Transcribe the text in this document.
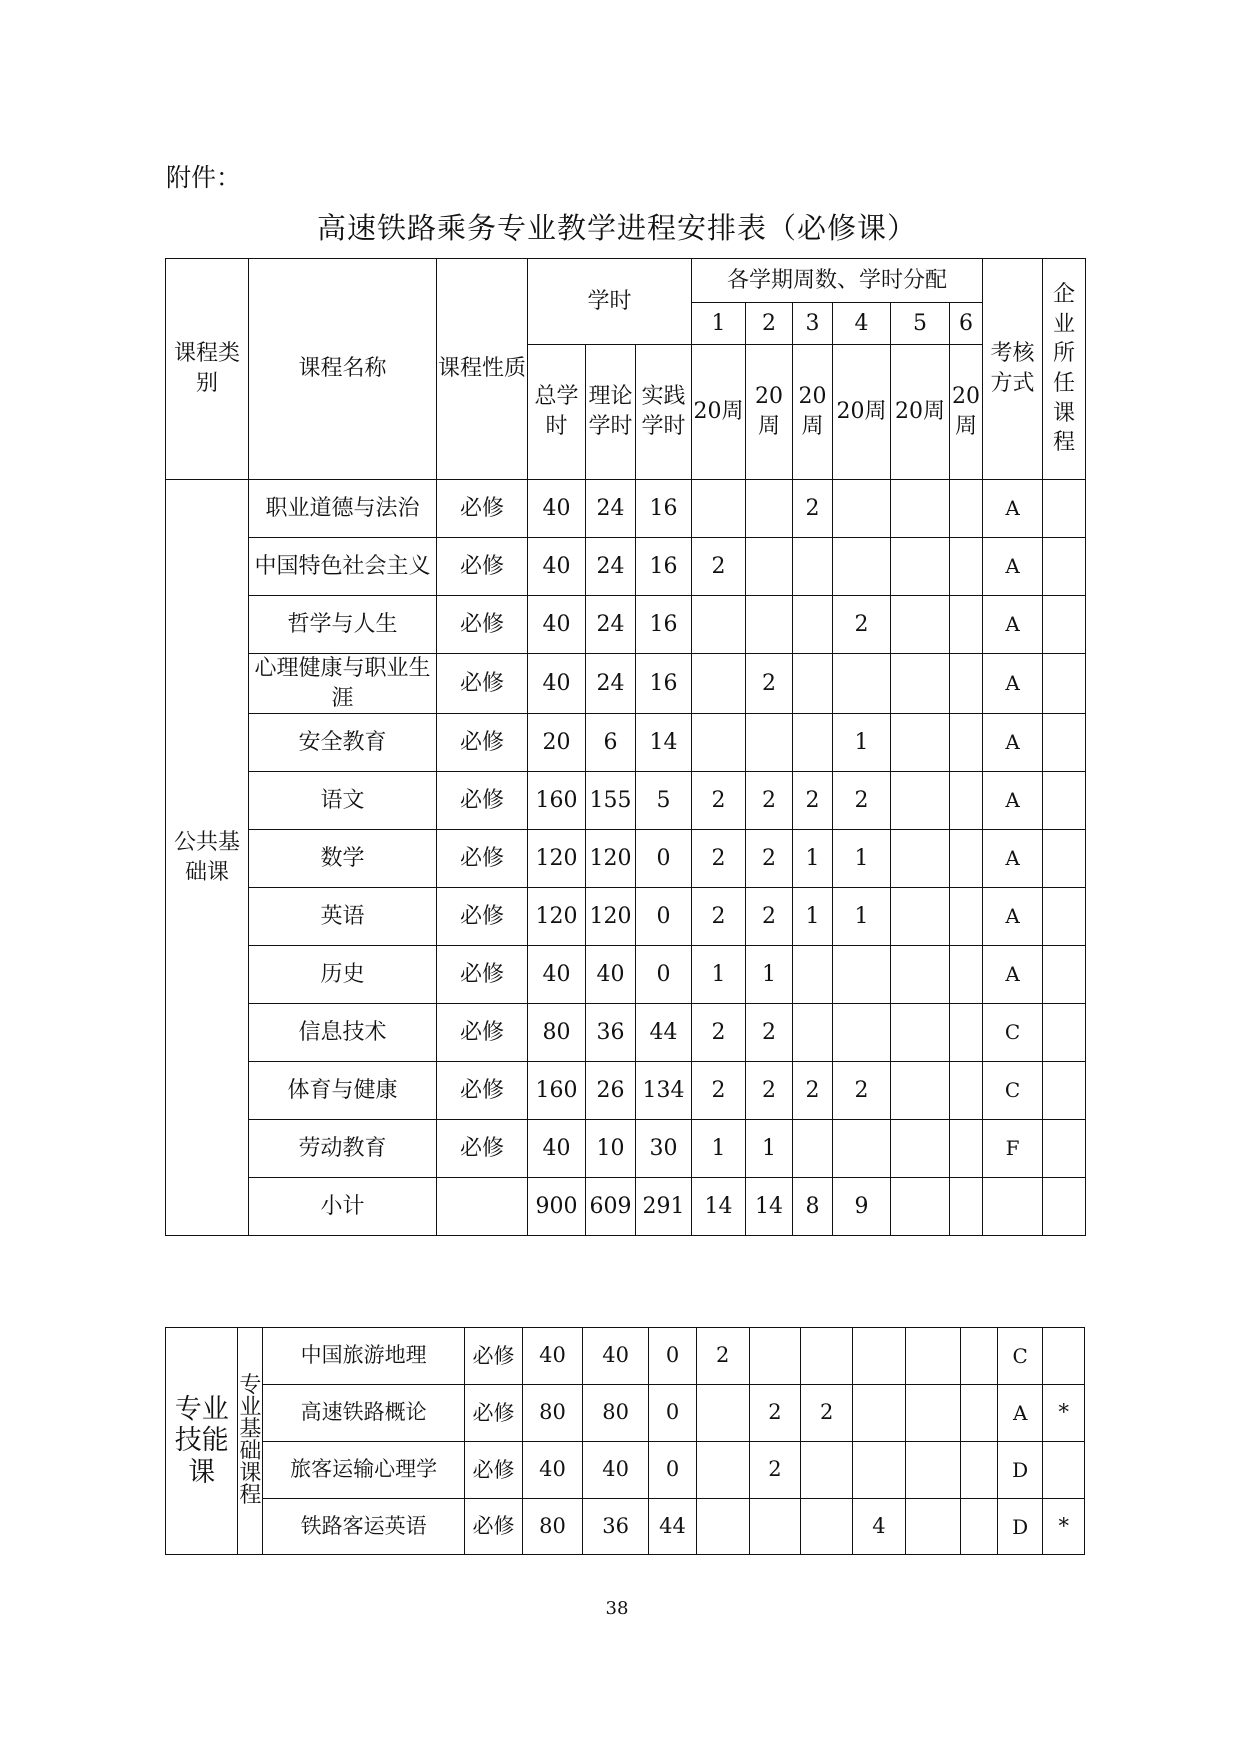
附件：
高速铁路乘务专业教学进程安排表（必修课）
课程类别	课程名称	课程性质	学时			各学期周数、学时分配						考核方式	企业所任课程
						1	2	3	4	5	6		
			总学时	理论学时	实践学时	20周	20周	20周	20周	20周	20周		
公共基础课	职业道德与法治	必修	40	24	16			2				A	
	中国特色社会主义	必修	40	24	16	2						A	
	哲学与人生	必修	40	24	16				2			A	
	心理健康与职业生涯	必修	40	24	16		2					A	
	安全教育	必修	20	6	14				1			A	
	语文	必修	160	155	5	2	2	2	2			A	
	数学	必修	120	120	0	2	2	1	1			A	
	英语	必修	120	120	0	2	2	1	1			A	
	历史	必修	40	40	0	1	1					A	
	信息技术	必修	80	36	44	2	2					C	
	体育与健康	必修	160	26	134	2	2	2	2			C	
	劳动教育	必修	40	10	30	1	1					F	
	小计		900	609	291	14	14	8	9				
专业技能课	专业基础课程	中国旅游地理	必修	40	40	0	2						C	
		高速铁路概论	必修	80	80	0		2	2				A	*
		旅客运输心理学	必修	40	40	0		2					D	
		铁路客运英语	必修	80	36	44				4			D	*
38
